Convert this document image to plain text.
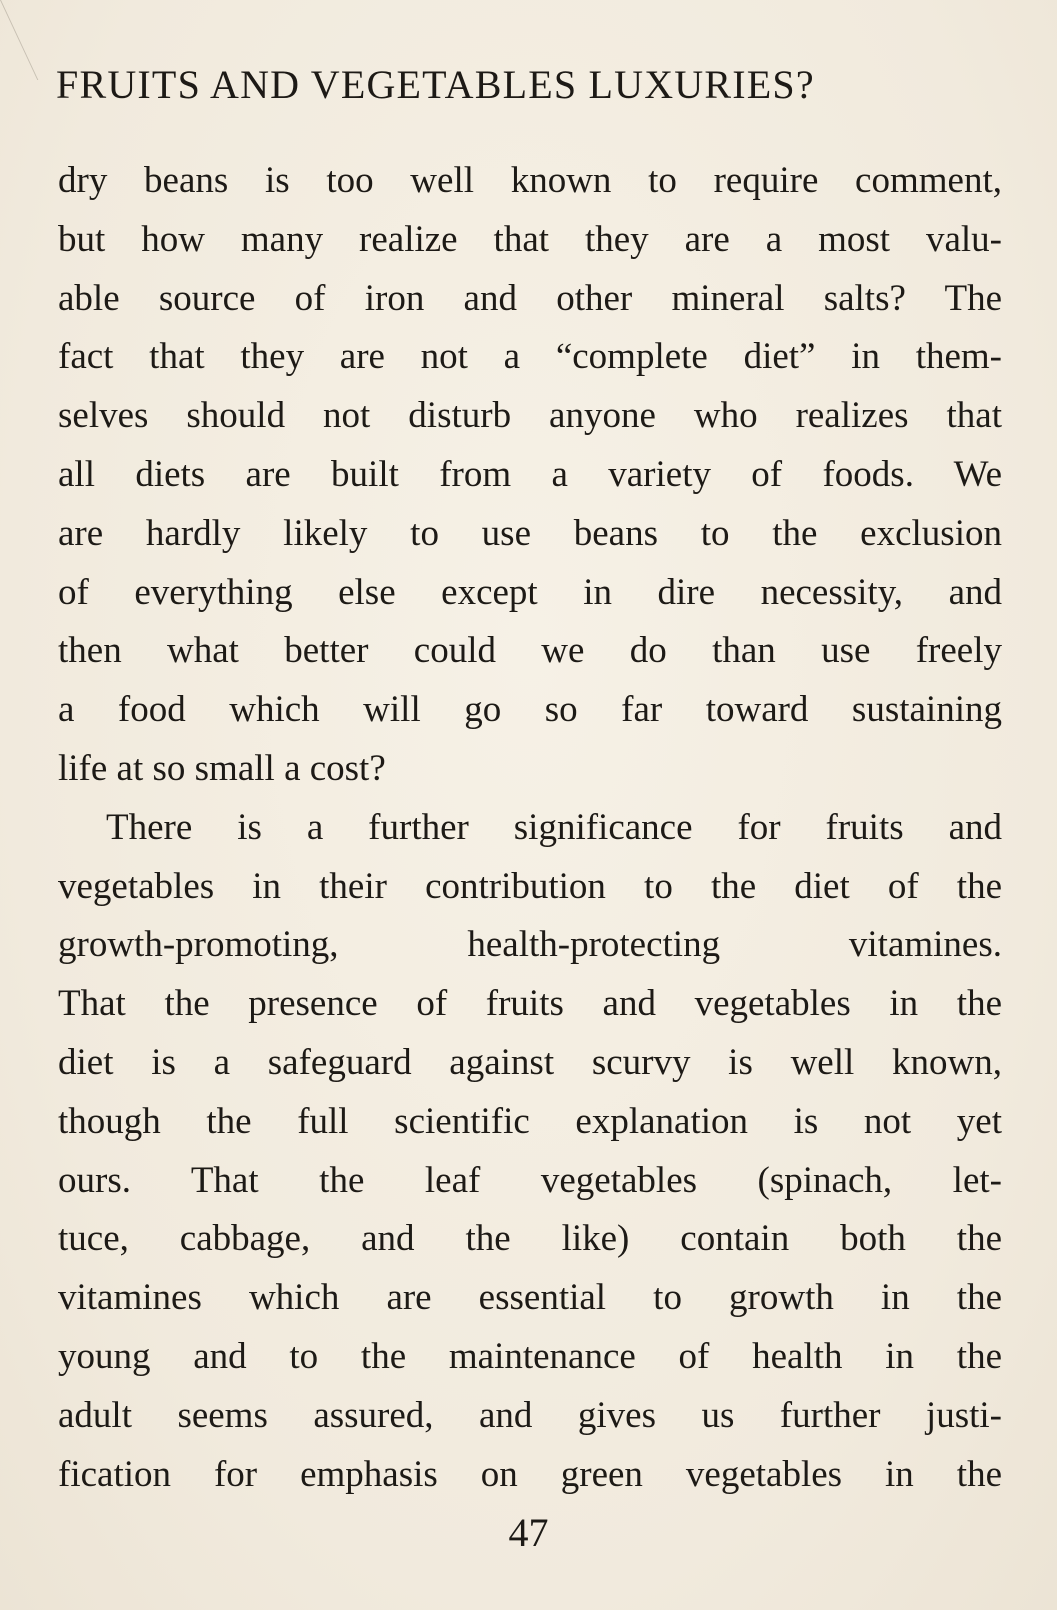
FRUITS AND VEGETABLES LUXURIES?
dry beans is too well known to require comment,
but how many realize that they are a most valu-
able source of iron and other mineral salts? The
fact that they are not a “complete diet” in them-
selves should not disturb anyone who realizes that
all diets are built from a variety of foods. We
are hardly likely to use beans to the exclusion
of everything else except in dire necessity, and
then what better could we do than use freely
a food which will go so far toward sustaining
life at so small a cost?
There is a further significance for fruits and
vegetables in their contribution to the diet of the
growth-promoting, health-protecting vitamines.
That the presence of fruits and vegetables in the
diet is a safeguard against scurvy is well known,
though the full scientific explanation is not yet
ours. That the leaf vegetables (spinach, let-
tuce, cabbage, and the like) contain both the
vitamines which are essential to growth in the
young and to the maintenance of health in the
adult seems assured, and gives us further justi-
fication for emphasis on green vegetables in the
47
